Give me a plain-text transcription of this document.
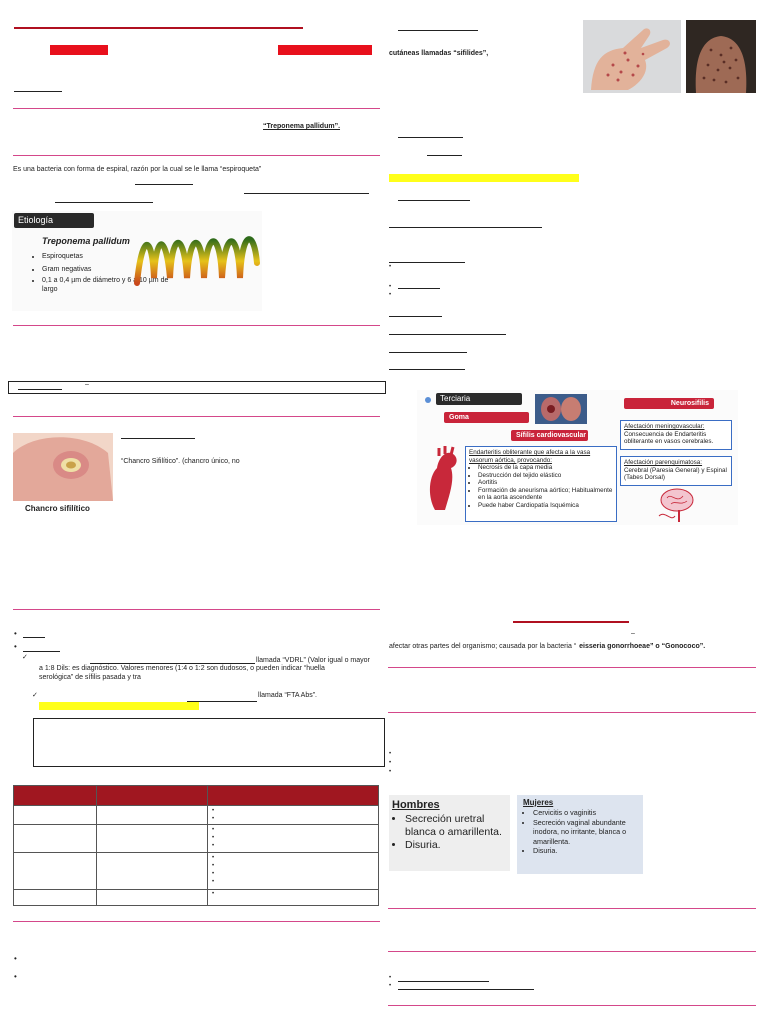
“Treponema pallidum”.
Es una bacteria con forma de espiral, razón por la cual se le llama “espiroqueta”
Etiología
Treponema pallidum
• Espiroquetas
• Gram negativas
• 0,1 a 0,4 µm de diámetro y 6 a 10 µm de largo
–
“Chancro Sifilítico”. (chancro único, no
Chancro sifilítico
•
•
✓	llamada “VDRL” (Valor igual o mayor
a 1:8 Dils: es diagnóstico. Valores menores (1:4 o 1:2 son dudosos, o pueden indicar “huella
serológica” de sífilis pasada y tra
✓	llamada “FTA Abs”.

		•
•
		•
•
•
		•
•
•
•
		•
•
•
cutáneas llamadas “sifilides”,
•
•
•
Terciaria
Goma
Neurosifilis
Sífilis cardiovascular
Endarteritis obliterante que afecta a la vasa vasorum aórtica, provocando:
• Necrosis de la capa media
• Destrucción del tejido elástico
• Aortitis
• Formación de aneurisma aórtico; Habitualmente en la aorta ascendente
• Puede haber Cardiopatía Isquémica
Afectación meningovascular:
Consecuencia de Endarteritis obliterante en vasos cerebrales.
Afectación parenquimatosa:
Cerebral (Paresia General) y Espinal (Tabes Dorsal)
–
afectar otras partes del organismo; causada por la bacteria “ eisseria gonorrhoeae” o “Gonococo”.
•
•
•
Hombres
• Secreción uretral blanca o amarillenta.
• Disuria.
Mujeres
• Cervicitis o vaginitis
• Secreción vaginal abundante inodora, no irritante, blanca o amarillenta.
• Disuria.
•
•
